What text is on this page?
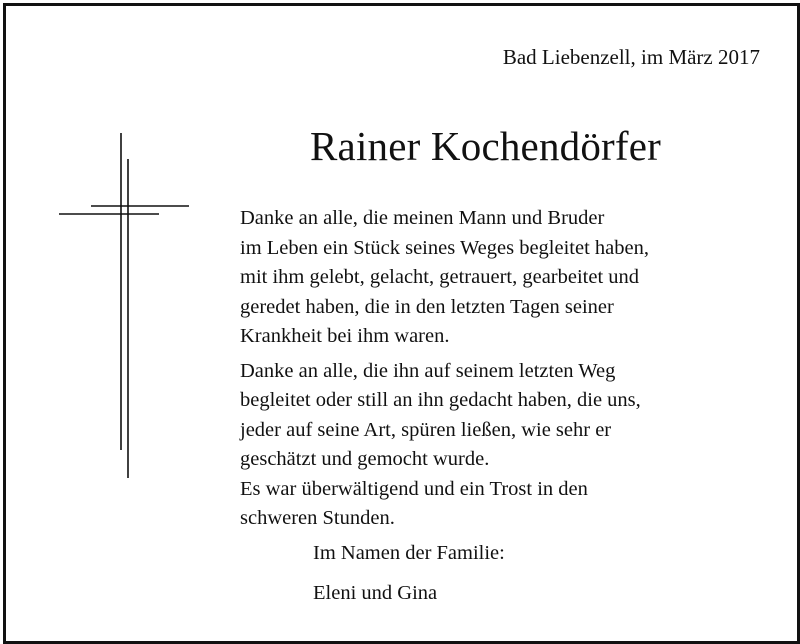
Bad Liebenzell, im März 2017
Rainer Kochendörfer
Danke an alle, die meinen Mann und Bruder
im Leben ein Stück seines Weges begleitet haben,
mit ihm gelebt, gelacht, getrauert, gearbeitet und
geredet haben, die in den letzten Tagen seiner
Krankheit bei ihm waren.
Danke an alle, die ihn auf seinem letzten Weg
begleitet oder still an ihn gedacht haben, die uns,
jeder auf seine Art, spüren ließen, wie sehr er
geschätzt und gemocht wurde.
Es war überwältigend und ein Trost in den
schweren Stunden.
Im Namen der Familie:
Eleni und Gina
